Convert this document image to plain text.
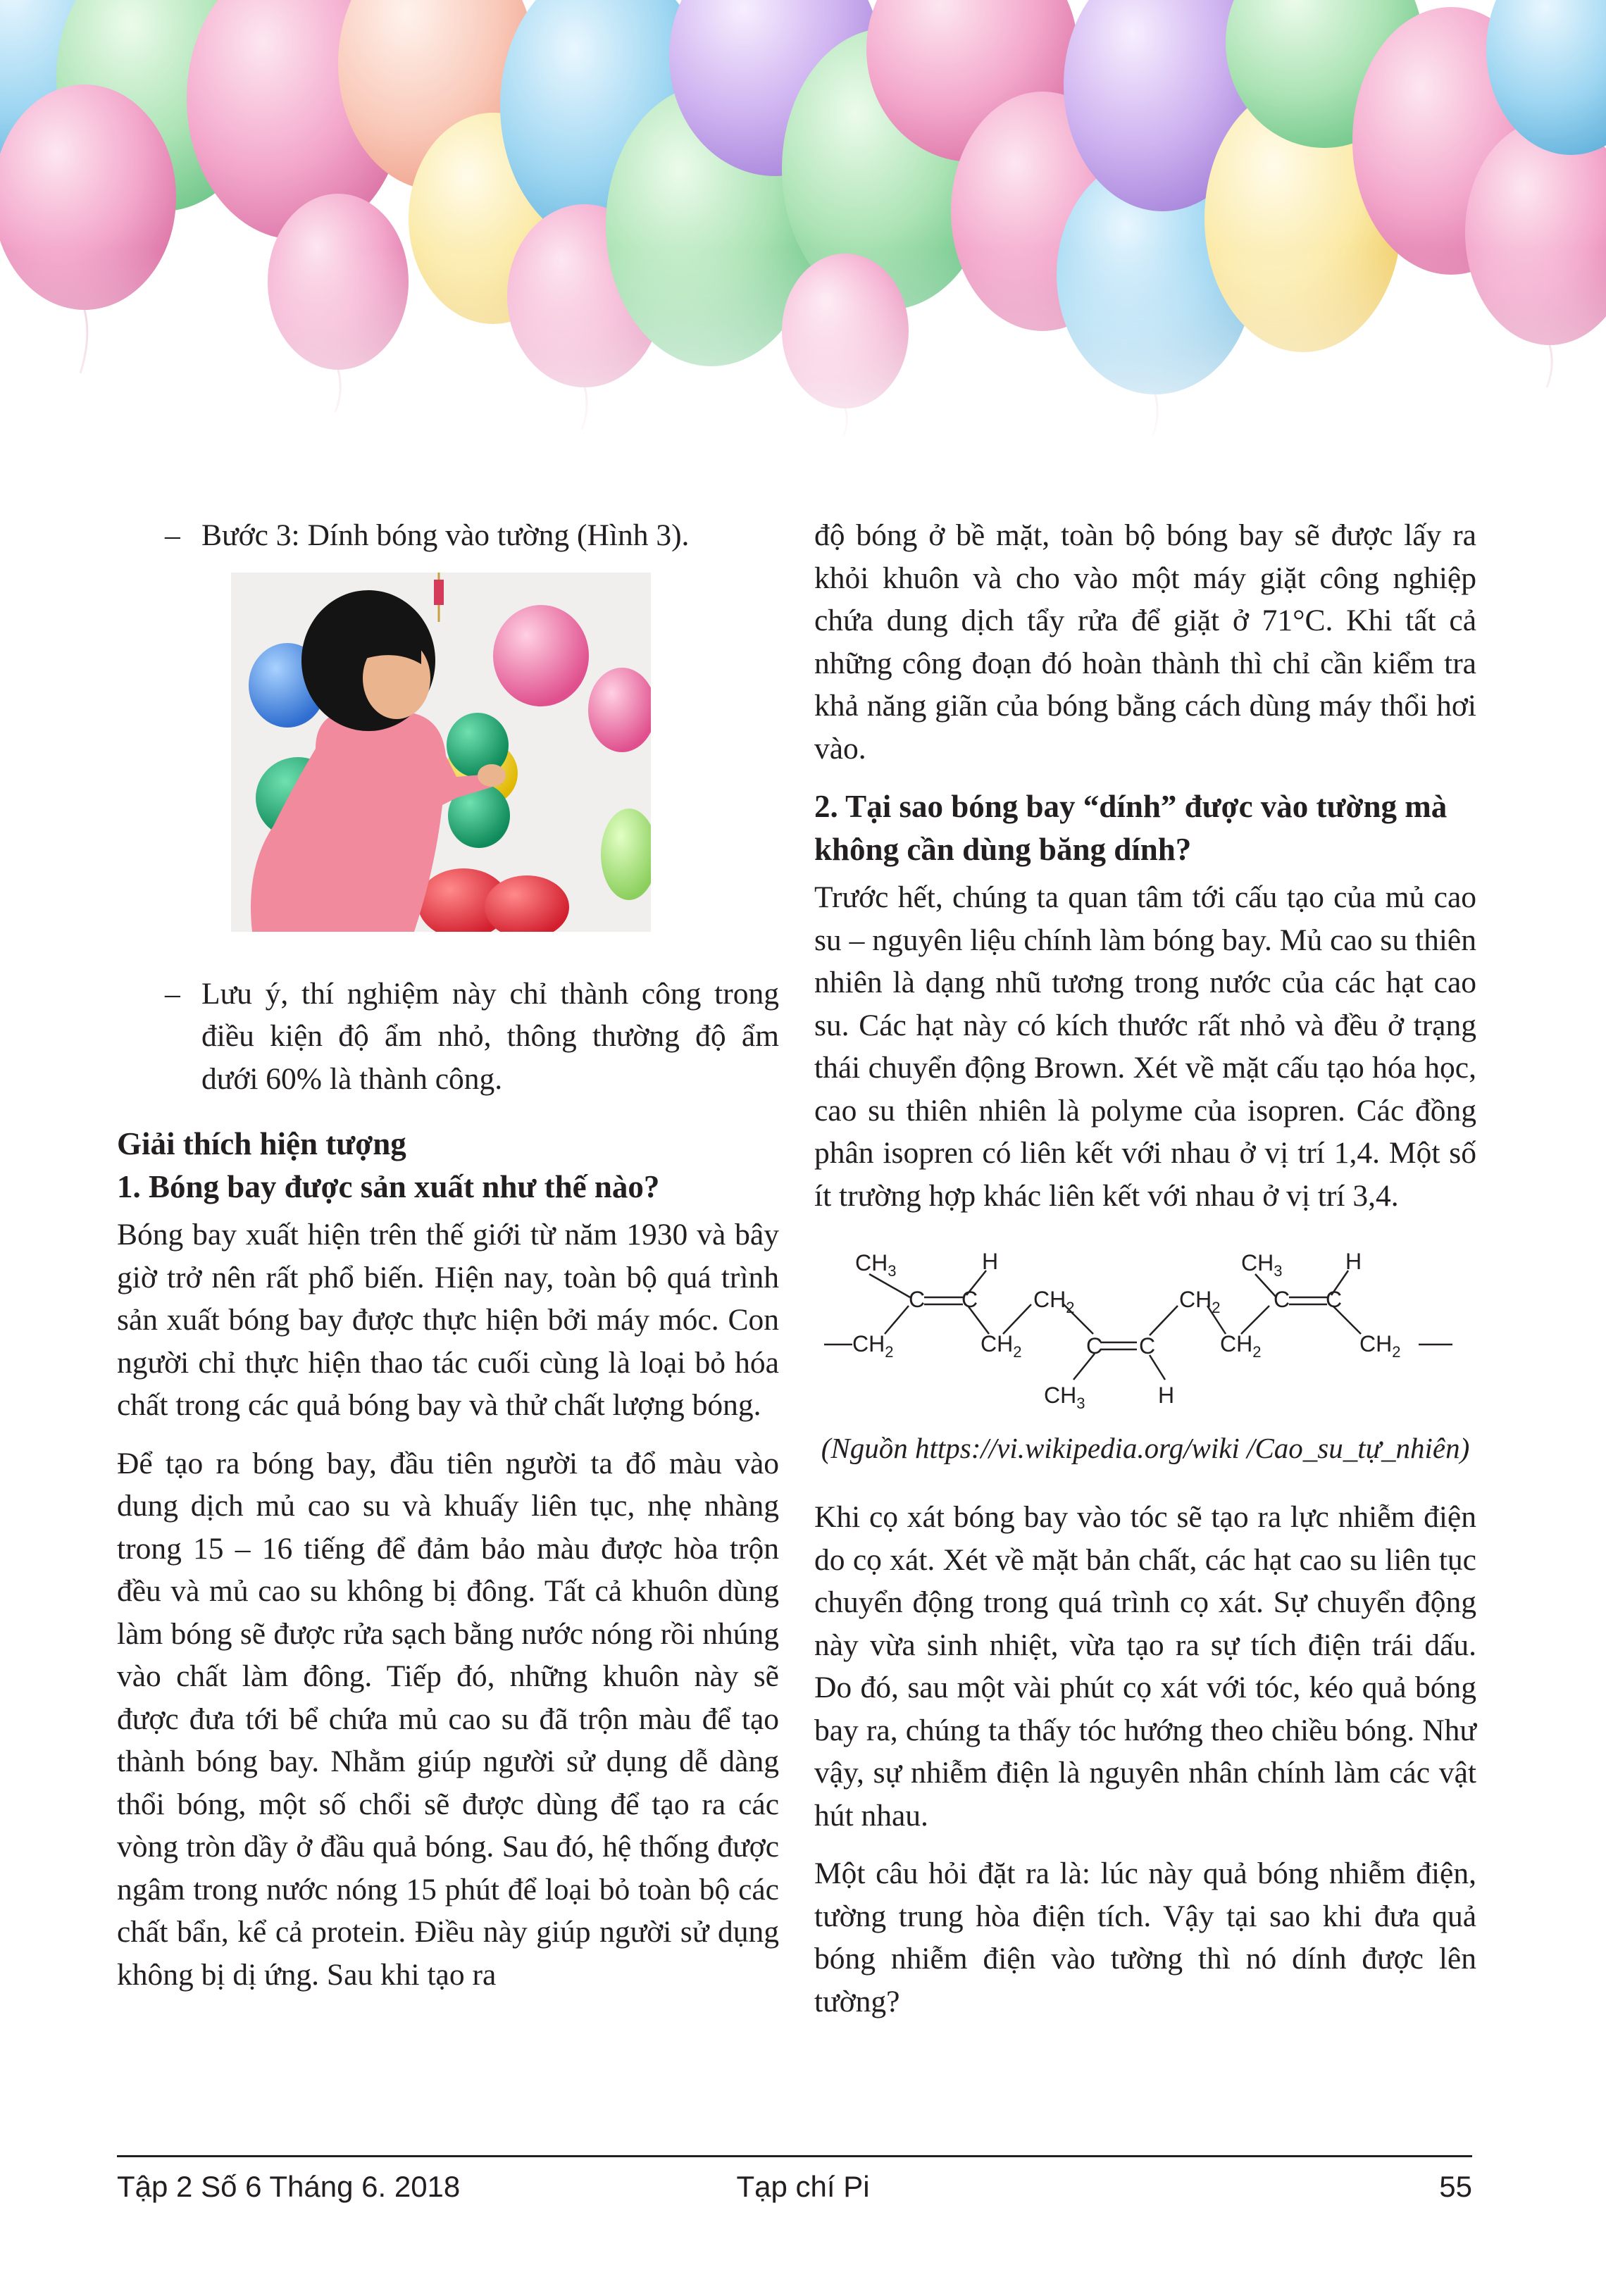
– Bước 3: Dính bóng vào tường (Hình 3).
– Lưu ý, thí nghiệm này chỉ thành công trong điều kiện độ ẩm nhỏ, thông thường độ ẩm dưới 60% là thành công.

Giải thích hiện tượng

1. Bóng bay được sản xuất như thế nào?

Bóng bay xuất hiện trên thế giới từ năm 1930 và bây giờ trở nên rất phổ biến. Hiện nay, toàn bộ quá trình sản xuất bóng bay được thực hiện bởi máy móc. Con người chỉ thực hiện thao tác cuối cùng là loại bỏ hóa chất trong các quả bóng bay và thử chất lượng bóng.

Để tạo ra bóng bay, đầu tiên người ta đổ màu vào dung dịch mủ cao su và khuấy liên tục, nhẹ nhàng trong 15 – 16 tiếng để đảm bảo màu được hòa trộn đều và mủ cao su không bị đông. Tất cả khuôn dùng làm bóng sẽ được rửa sạch bằng nước nóng rồi nhúng vào chất làm đông. Tiếp đó, những khuôn này sẽ được đưa tới bể chứa mủ cao su đã trộn màu để tạo thành bóng bay. Nhằm giúp người sử dụng dễ dàng thổi bóng, một số chổi sẽ được dùng để tạo ra các vòng tròn dầy ở đầu quả bóng. Sau đó, hệ thống được ngâm trong nước nóng 15 phút để loại bỏ toàn bộ các chất bẩn, kể cả protein. Điều này giúp người sử dụng không bị dị ứng. Sau khi tạo ra

độ bóng ở bề mặt, toàn bộ bóng bay sẽ được lấy ra khỏi khuôn và cho vào một máy giặt công nghiệp chứa dung dịch tẩy rửa để giặt ở 71°C. Khi tất cả những công đoạn đó hoàn thành thì chỉ cần kiểm tra khả năng giãn của bóng bằng cách dùng máy thổi hơi vào.

2. Tại sao bóng bay “dính” được vào tường mà không cần dùng băng dính?

Trước hết, chúng ta quan tâm tới cấu tạo của mủ cao su – nguyên liệu chính làm bóng bay. Mủ cao su thiên nhiên là dạng nhũ tương trong nước của các hạt cao su. Các hạt này có kích thước rất nhỏ và đều ở trạng thái chuyển động Brown. Xét về mặt cấu tạo hóa học, cao su thiên nhiên là polyme của isopren. Các đồng phân isopren có liên kết với nhau ở vị trí 1,4. Một số ít trường hợp khác liên kết với nhau ở vị trí 3,4.

$CH_3$	H
C C
$CH_2$	$CH_2$
$CH_2$
C C
$CH_3$	H
$CH_2$
$CH_2$
$CH_3$	H
C C
$CH_2$

(Nguồn https://vi.wikipedia.org/wiki /Cao_su_tự_nhiên)

Khi cọ xát bóng bay vào tóc sẽ tạo ra lực nhiễm điện do cọ xát. Xét về mặt bản chất, các hạt cao su liên tục chuyển động trong quá trình cọ xát. Sự chuyển động này vừa sinh nhiệt, vừa tạo ra sự tích điện trái dấu. Do đó, sau một vài phút cọ xát với tóc, kéo quả bóng bay ra, chúng ta thấy tóc hướng theo chiều bóng. Như vậy, sự nhiễm điện là nguyên nhân chính làm các vật hút nhau.

Một câu hỏi đặt ra là: lúc này quả bóng nhiễm điện, tường trung hòa điện tích. Vậy tại sao khi đưa quả bóng nhiễm điện vào tường thì nó dính được lên tường?

Tập 2 Số 6 Tháng 6. 2018	Tạp chí Pi	55
